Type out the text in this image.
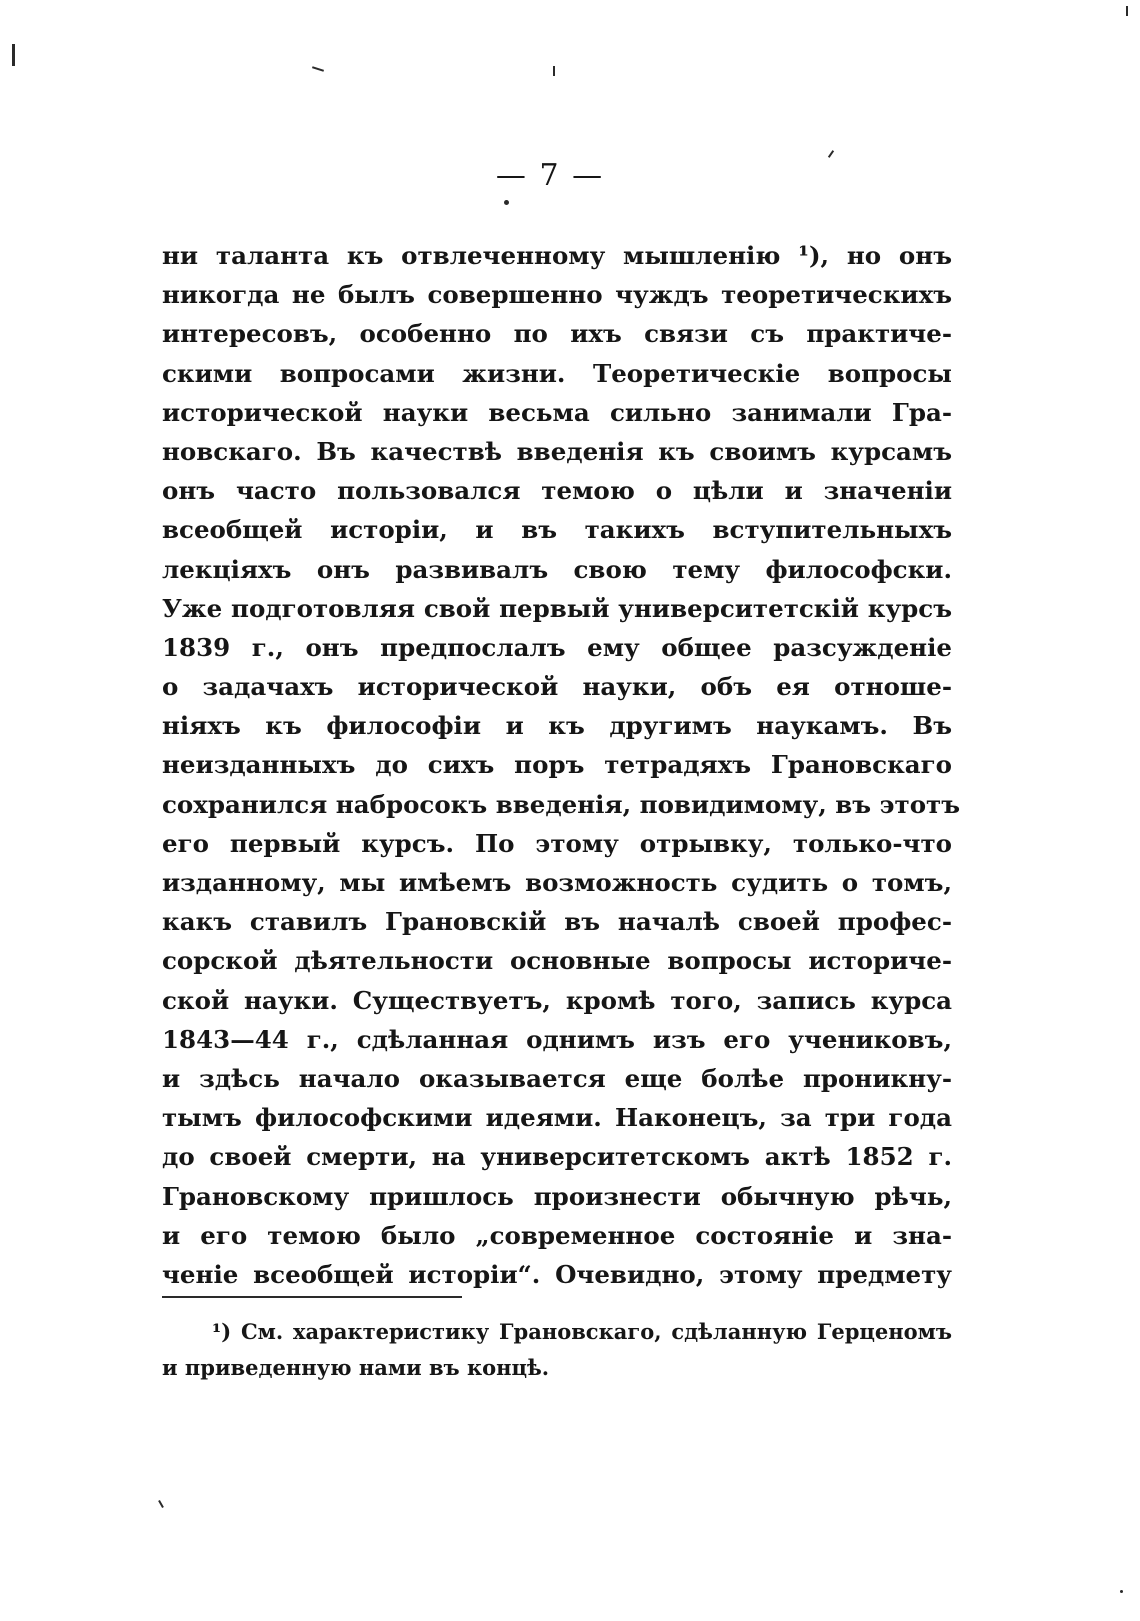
— 7 —
ни таланта къ отвлеченному мышленію ¹), но онъ
никогда не былъ совершенно чуждъ теоретическихъ
интересовъ, особенно по ихъ связи съ практиче-
скими вопросами жизни. Теоретическіе вопросы
исторической науки весьма сильно занимали Гра-
новскаго. Въ качествѣ введенія къ своимъ курсамъ
онъ часто пользовался темою о цѣли и значеніи
всеобщей исторіи, и въ такихъ вступительныхъ
лекціяхъ онъ развивалъ свою тему философски.
Уже подготовляя свой первый университетскій курсъ
1839 г., онъ предпослалъ ему общее разсужденіе
о задачахъ исторической науки, объ ея отноше-
ніяхъ къ философіи и къ другимъ наукамъ. Въ
неизданныхъ до сихъ поръ тетрадяхъ Грановскаго
сохранился набросокъ введенія, повидимому, въ этотъ
его первый курсъ. По этому отрывку, только-что
изданному, мы имѣемъ возможность судить о томъ,
какъ ставилъ Грановскій въ началѣ своей профес-
сорской дѣятельности основные вопросы историче-
ской науки. Существуетъ, кромѣ того, запись курса
1843—44 г., сдѣланная однимъ изъ его учениковъ,
и здѣсь начало оказывается еще болѣе проникну-
тымъ философскими идеями. Наконецъ, за три года
до своей смерти, на университетскомъ актѣ 1852 г.
Грановскому пришлось произнести обычную рѣчь,
и его темою было „современное состояніе и зна-
ченіе всеобщей исторіи“. Очевидно, этому предмету
¹) См. характеристику Грановскаго, сдѣланную Герценомъ
и приведенную нами въ концѣ.
